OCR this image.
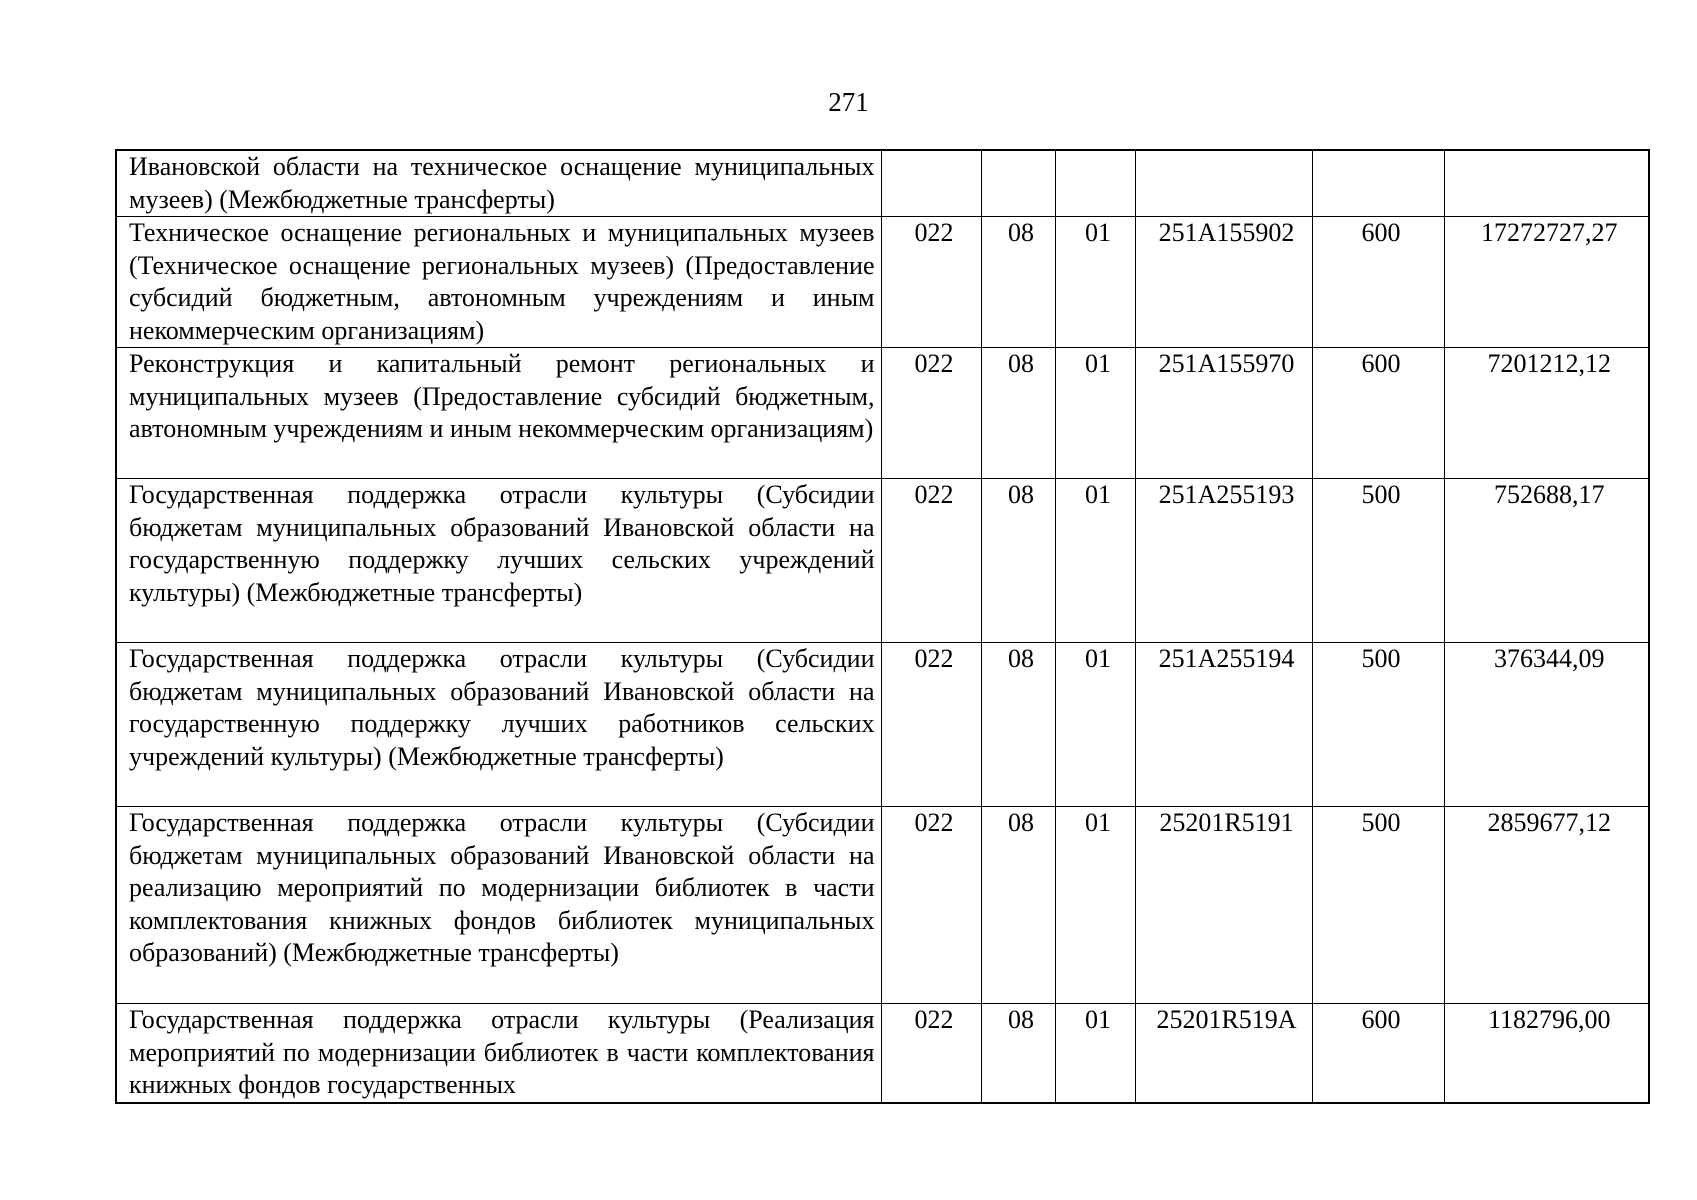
271
Ивановской области на техническое оснащение муниципальных музеев) (Межбюджетные трансферты)						
Техническое оснащение региональных и муниципальных музеев (Техническое оснащение региональных музеев) (Предоставление субсидий бюджетным, автономным учреждениям и иным некоммерческим организациям)	022	08	01	251A155902	600	17272727,27
Реконструкция и капитальный ремонт региональных и муниципальных музеев (Предоставление субсидий бюджетным, автономным учреждениям и иным некоммерческим организациям)	022	08	01	251A155970	600	7201212,12
Государственная поддержка отрасли культуры (Субсидии бюджетам муниципальных образований Ивановской области на государственную поддержку лучших сельских учреждений культуры) (Межбюджетные трансферты)	022	08	01	251A255193	500	752688,17
Государственная поддержка отрасли культуры (Субсидии бюджетам муниципальных образований Ивановской области на государственную поддержку лучших работников сельских учреждений культуры) (Межбюджетные трансферты)	022	08	01	251A255194	500	376344,09
Государственная поддержка отрасли культуры (Субсидии бюджетам муниципальных образований Ивановской области на реализацию мероприятий по модернизации библиотек в части комплектования книжных фондов библиотек муниципальных образований) (Межбюджетные трансферты)	022	08	01	25201R5191	500	2859677,12
Государственная поддержка отрасли культуры (Реализация мероприятий по модернизации библиотек в части комплектования книжных фондов государственных	022	08	01	25201R519A	600	1182796,00
